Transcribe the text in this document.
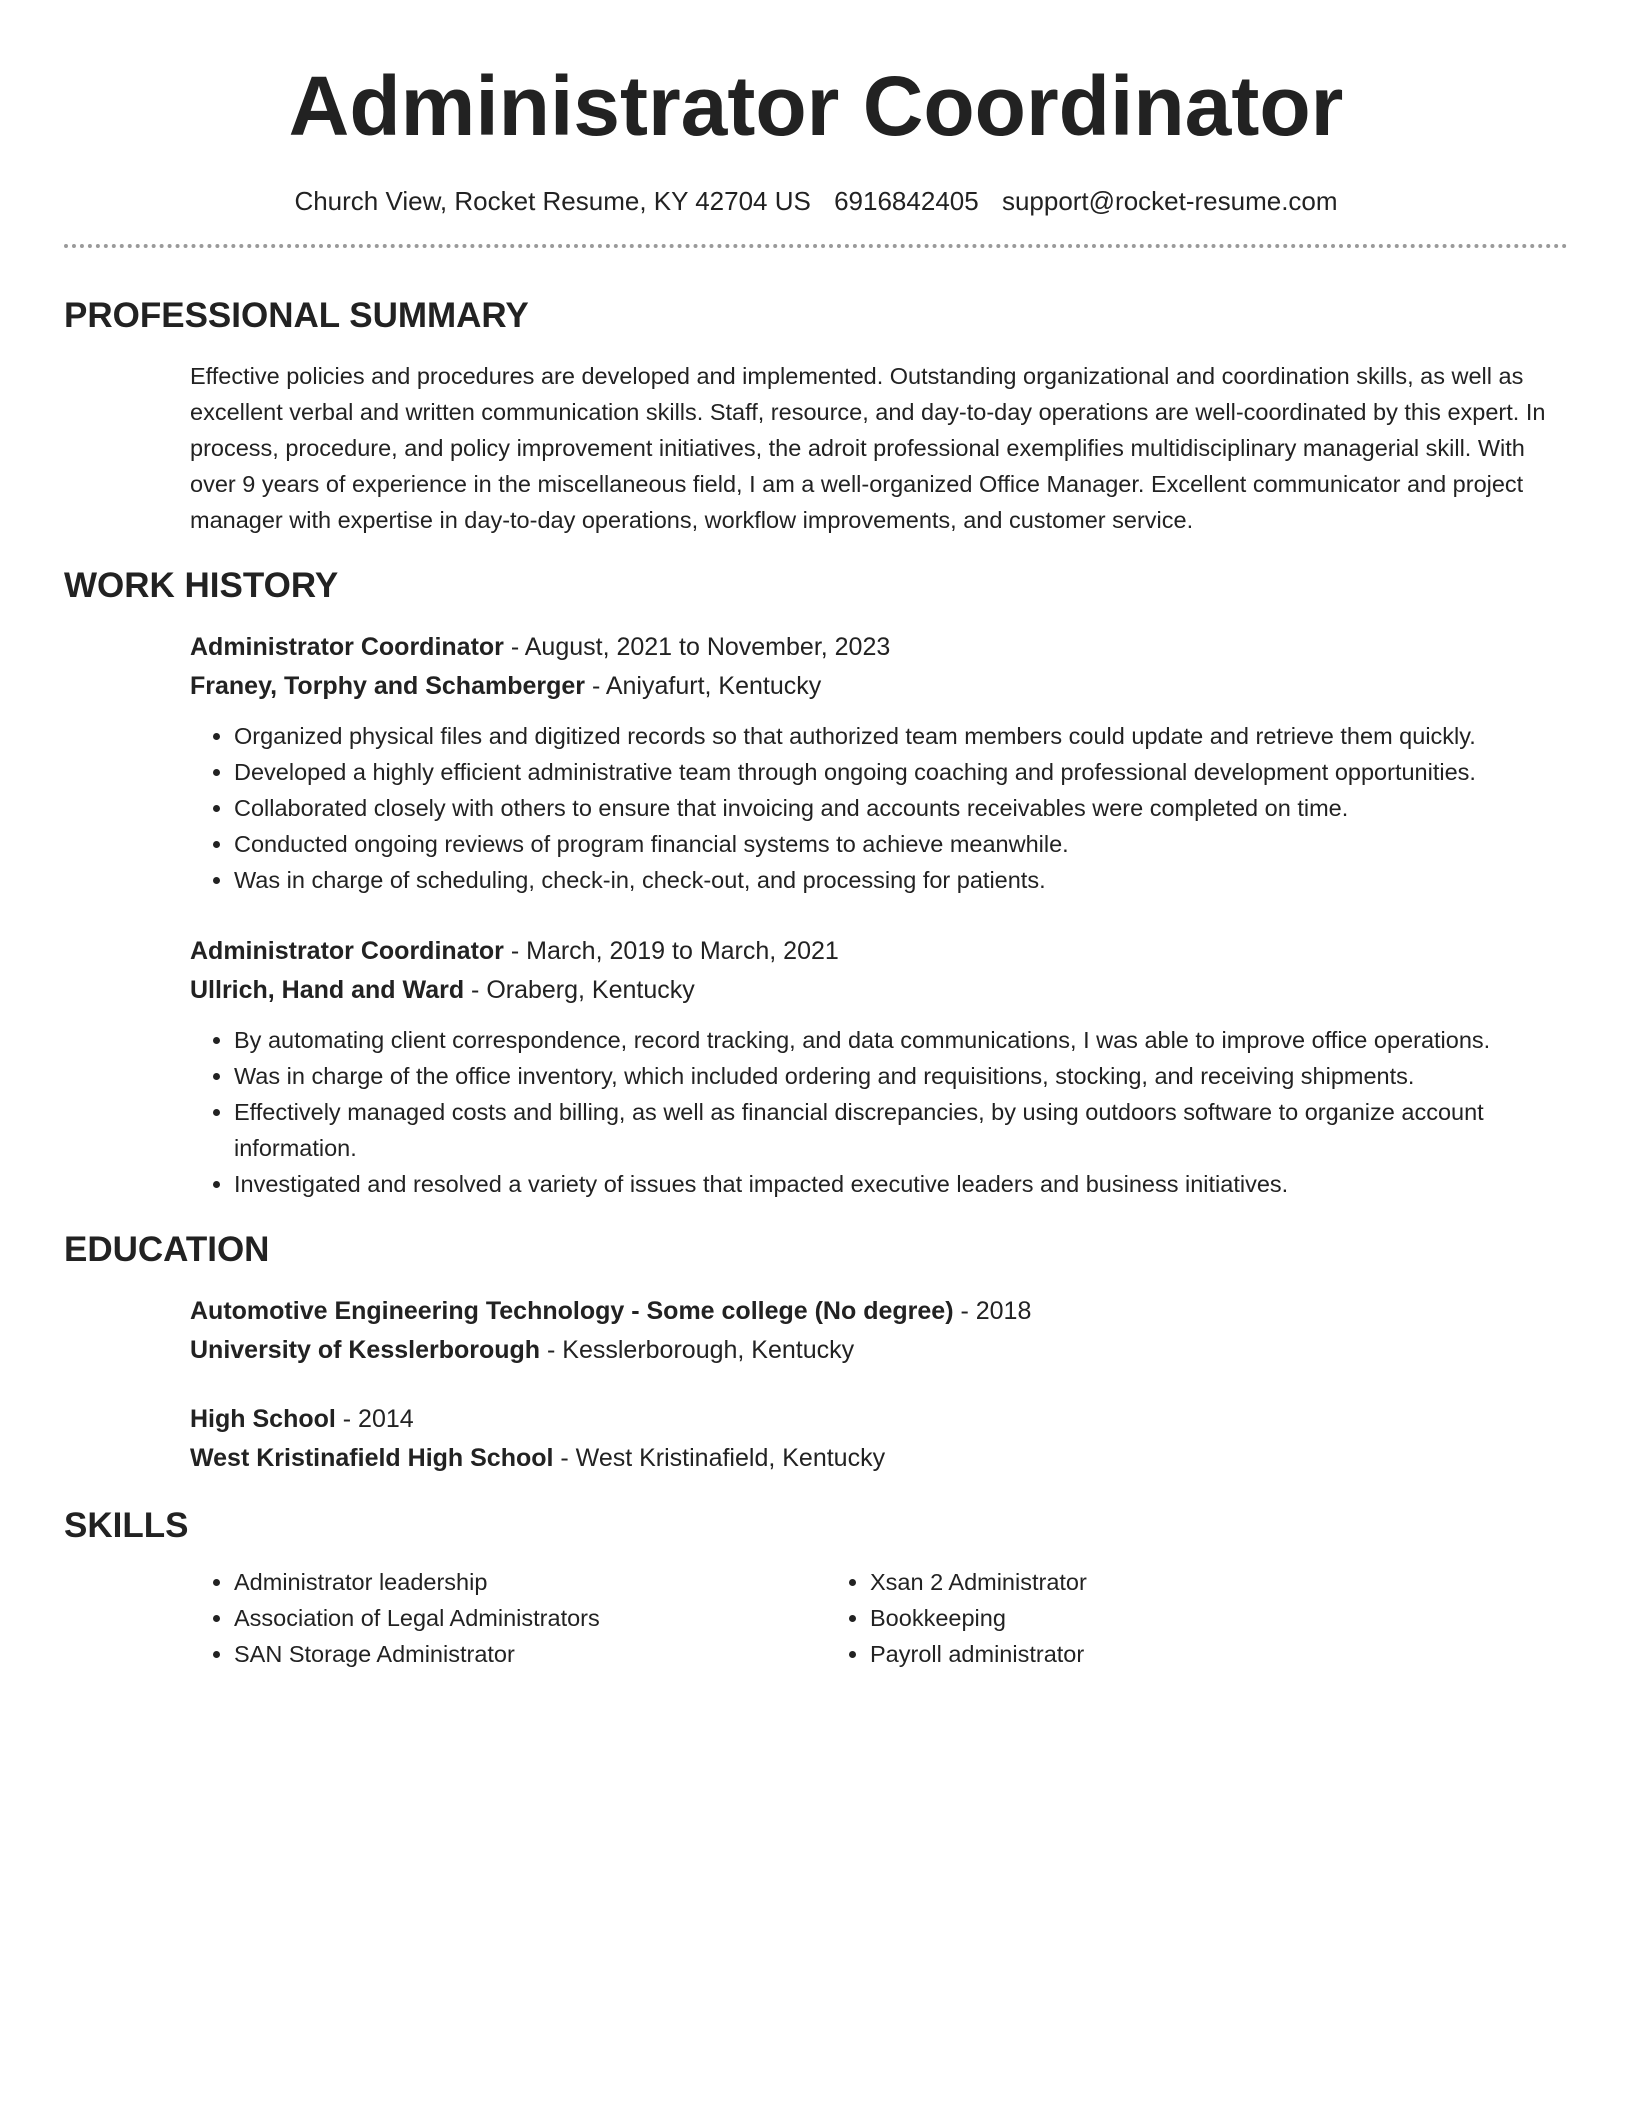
Administrator Coordinator
Church View, Rocket Resume, KY 42704 US 6916842405 support@rocket-resume.com
PROFESSIONAL SUMMARY

Effective policies and procedures are developed and implemented. Outstanding organizational and coordination skills, as well as excellent verbal and written communication skills. Staff, resource, and day-to-day operations are well-coordinated by this expert. In process, procedure, and policy improvement initiatives, the adroit professional exemplifies multidisciplinary managerial skill. With over 9 years of experience in the miscellaneous field, I am a well-organized Office Manager. Excellent communicator and project manager with expertise in day-to-day operations, workflow improvements, and customer service.

WORK HISTORY
Administrator Coordinator - August, 2021 to November, 2023
Franey, Torphy and Schamberger - Aniyafurt, Kentucky
• Organized physical files and digitized records so that authorized team members could update and retrieve them quickly.
• Developed a highly efficient administrative team through ongoing coaching and professional development opportunities.
• Collaborated closely with others to ensure that invoicing and accounts receivables were completed on time.
• Conducted ongoing reviews of program financial systems to achieve meanwhile.
• Was in charge of scheduling, check-in, check-out, and processing for patients.
Administrator Coordinator - March, 2019 to March, 2021
Ullrich, Hand and Ward - Oraberg, Kentucky
• By automating client correspondence, record tracking, and data communications, I was able to improve office operations.
• Was in charge of the office inventory, which included ordering and requisitions, stocking, and receiving shipments.
• Effectively managed costs and billing, as well as financial discrepancies, by using outdoors software to organize account information.
• Investigated and resolved a variety of issues that impacted executive leaders and business initiatives.
EDUCATION
Automotive Engineering Technology - Some college (No degree) - 2018
University of Kesslerborough - Kesslerborough, Kentucky
High School - 2014
West Kristinafield High School - West Kristinafield, Kentucky
SKILLS
• Administrator leadership
• Association of Legal Administrators
• SAN Storage Administrator
• Xsan 2 Administrator
• Bookkeeping
• Payroll administrator
